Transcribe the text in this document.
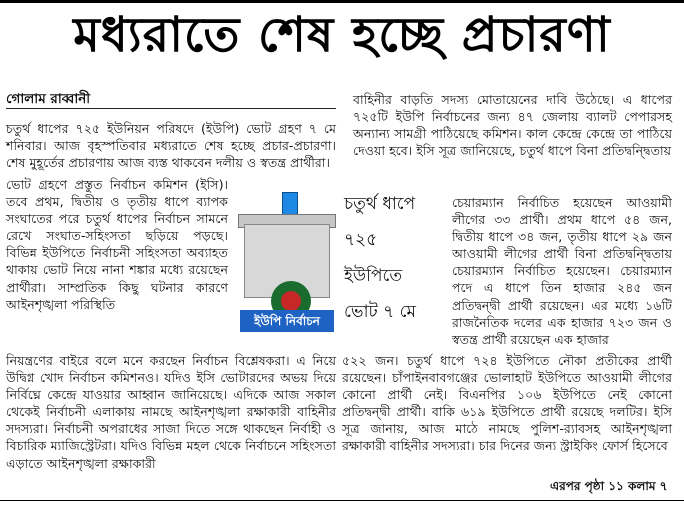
মধ্যরাতে শেষ হচ্ছে প্রচারণা
গোলাম রাব্বানী

চতুর্থ ধাপের ৭২৫ ইউনিয়ন পরিষদে (ইউপি) ভোট গ্রহণ ৭ মে শনিবার। আজ বৃহস্পতিবার মধ্যরাতে শেষ হচ্ছে প্রচার-প্রচারণা। শেষ মুহূর্তের প্রচারণায় আজ ব্যস্ত থাকবেন দলীয় ও স্বতন্ত্র প্রার্থীরা।

ভোট গ্রহণে প্রস্তুত নির্বাচন কমিশন (ইসি)। তবে প্রথম, দ্বিতীয় ও তৃতীয় ধাপে ব্যাপক সংঘাতের পরে চতুর্থ ধাপের নির্বাচন সামনে রেখে সংঘাত-সহিংসতা ছড়িয়ে পড়ছে। বিভিন্ন ইউপিতে নির্বাচনী সহিংসতা অব্যাহত থাকায় ভোট নিয়ে নানা শঙ্কার মধ্যে রয়েছেন প্রার্থীরা। সাম্প্রতিক কিছু ঘটনার কারণে আইনশৃঙ্খলা পরিস্থিতি
ইউপি নির্বাচন
চতুর্থ ধাপে
৭২৫
ইউপিতে
ভোট ৭ মে

বাহিনীর বাড়তি সদস্য মোতায়েনের দাবি উঠেছে। এ ধাপের ৭২৫টি ইউপি নির্বাচনের জন্য ৪৭ জেলায় ব্যালট পেপারসহ অন্যান্য সামগ্রী পাঠিয়েছে কমিশন। কাল কেন্দ্রে কেন্দ্রে তা পাঠিয়ে দেওয়া হবে। ইসি সূত্র জানিয়েছে, চতুর্থ ধাপে বিনা প্রতিদ্বন্দ্বিতায়

চেয়ারম্যান নির্বাচিত হয়েছেন আওয়ামী লীগের ৩৩ প্রার্থী। প্রথম ধাপে ৫৪ জন, দ্বিতীয় ধাপে ৩৪ জন, তৃতীয় ধাপে ২৯ জন আওয়ামী লীগের প্রার্থী বিনা প্রতিদ্বন্দ্বিতায় চেয়ারম্যান নির্বাচিত হয়েছেন। চেয়ারম্যান পদে এ ধাপে তিন হাজার ২৪৫ জন প্রতিদ্বন্দ্বী প্রার্থী রয়েছেন। এর মধ্যে ১৬টি রাজনৈতিক দলের এক হাজার ৭২৩ জন ও স্বতন্ত্র প্রার্থী রয়েছেন এক হাজার
নিয়ন্ত্রণের বাইরে বলে মনে করছেন নির্বাচন বিশ্লেষকরা। এ নিয়ে উদ্বিগ্ন খোদ নির্বাচন কমিশনও। যদিও ইসি ভোটারদের অভয় দিয়ে নির্বিঘ্নে কেন্দ্রে যাওয়ার আহ্বান জানিয়েছে। এদিকে আজ সকাল থেকেই নির্বাচনী এলাকায় নামছে আইনশৃঙ্খলা রক্ষাকারী বাহিনীর সদস্যরা। নির্বাচনী অপরাধের সাজা দিতে সঙ্গে থাকছেন নির্বাহী ও বিচারিক ম্যাজিস্ট্রেটরা। যদিও বিভিন্ন মহল থেকে নির্বাচনে সহিংসতা এড়াতে আইনশৃঙ্খলা রক্ষাকারী
৫২২ জন। চতুর্থ ধাপে ৭২৪ ইউপিতে নৌকা প্রতীকের প্রার্থী রয়েছেন। চাঁপাইনবাবগঞ্জের ভোলাহাট ইউপিতে আওয়ামী লীগের কোনো প্রার্থী নেই। বিএনপির ১০৬ ইউপিতে নেই কোনো প্রতিদ্বন্দ্বী প্রার্থী। বাকি ৬১৯ ইউপিতে প্রার্থী রয়েছে দলটির। ইসি সূত্র জানায়, আজ মাঠে নামছে পুলিশ-র‍্যাবসহ আইনশৃঙ্খলা রক্ষাকারী বাহিনীর সদস্যরা। চার দিনের জন্য স্ট্রাইকিং ফোর্স হিসেবে
এরপর পৃষ্ঠা ১১ কলাম ৭
